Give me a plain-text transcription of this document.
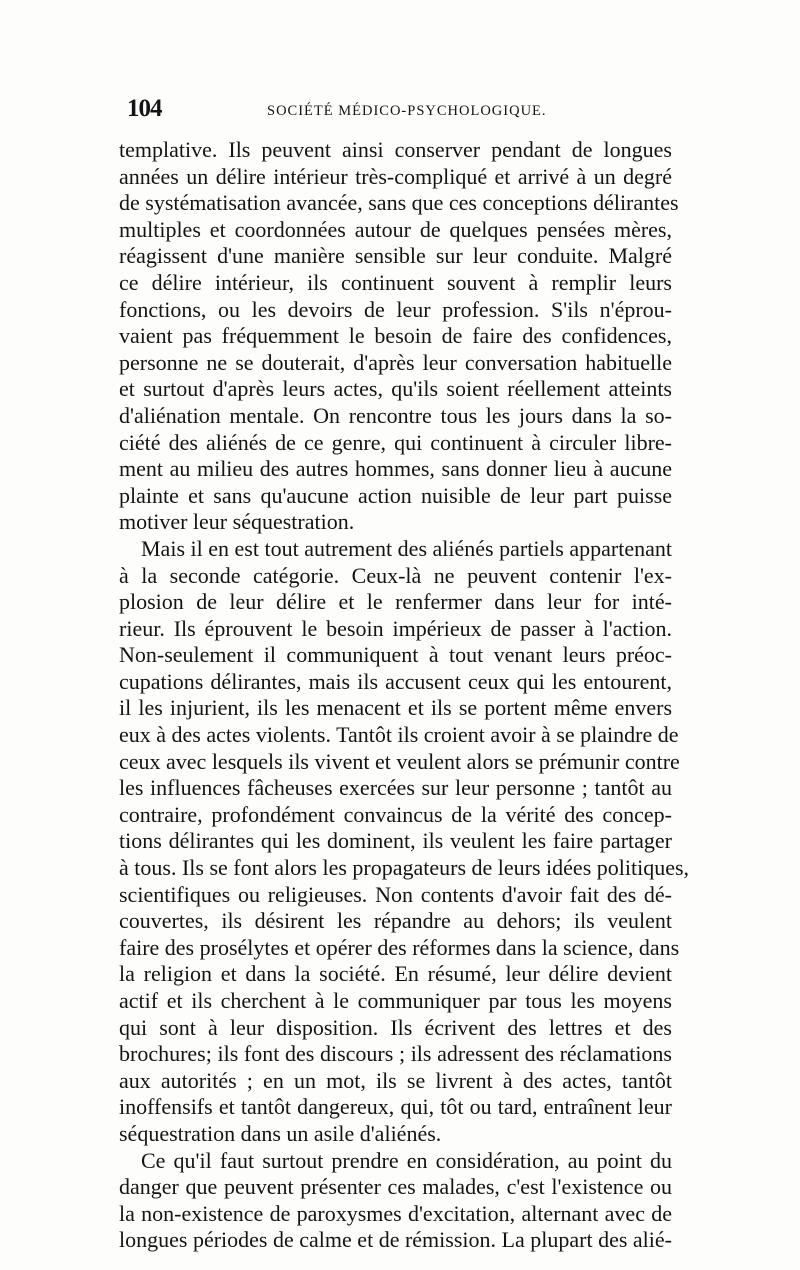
104	SOCIÉTÉ MÉDICO-PSYCHOLOGIQUE.
templative. Ils peuvent ainsi conserver pendant de longues
années un délire intérieur très-compliqué et arrivé à un degré
de systématisation avancée, sans que ces conceptions délirantes
multiples et coordonnées autour de quelques pensées mères,
réagissent d'une manière sensible sur leur conduite. Malgré
ce délire intérieur, ils continuent souvent à remplir leurs
fonctions, ou les devoirs de leur profession. S'ils n'éprou-
vaient pas fréquemment le besoin de faire des confidences,
personne ne se douterait, d'après leur conversation habituelle
et surtout d'après leurs actes, qu'ils soient réellement atteints
d'aliénation mentale. On rencontre tous les jours dans la so-
ciété des aliénés de ce genre, qui continuent à circuler libre-
ment au milieu des autres hommes, sans donner lieu à aucune
plainte et sans qu'aucune action nuisible de leur part puisse
motiver leur séquestration.
Mais il en est tout autrement des aliénés partiels appartenant
à la seconde catégorie. Ceux-là ne peuvent contenir l'ex-
plosion de leur délire et le renfermer dans leur for inté-
rieur. Ils éprouvent le besoin impérieux de passer à l'action.
Non-seulement il communiquent à tout venant leurs préoc-
cupations délirantes, mais ils accusent ceux qui les entourent,
il les injurient, ils les menacent et ils se portent même envers
eux à des actes violents. Tantôt ils croient avoir à se plaindre de
ceux avec lesquels ils vivent et veulent alors se prémunir contre
les influences fâcheuses exercées sur leur personne ; tantôt au
contraire, profondément convaincus de la vérité des concep-
tions délirantes qui les dominent, ils veulent les faire partager
à tous. Ils se font alors les propagateurs de leurs idées politiques,
scientifiques ou religieuses. Non contents d'avoir fait des dé-
couvertes, ils désirent les répandre au dehors; ils veulent
faire des prosélytes et opérer des réformes dans la science, dans
la religion et dans la société. En résumé, leur délire devient
actif et ils cherchent à le communiquer par tous les moyens
qui sont à leur disposition. Ils écrivent des lettres et des
brochures; ils font des discours ; ils adressent des réclamations
aux autorités ; en un mot, ils se livrent à des actes, tantôt
inoffensifs et tantôt dangereux, qui, tôt ou tard, entraînent leur
séquestration dans un asile d'aliénés.
Ce qu'il faut surtout prendre en considération, au point du
danger que peuvent présenter ces malades, c'est l'existence ou
la non-existence de paroxysmes d'excitation, alternant avec de
longues périodes de calme et de rémission. La plupart des alié-
